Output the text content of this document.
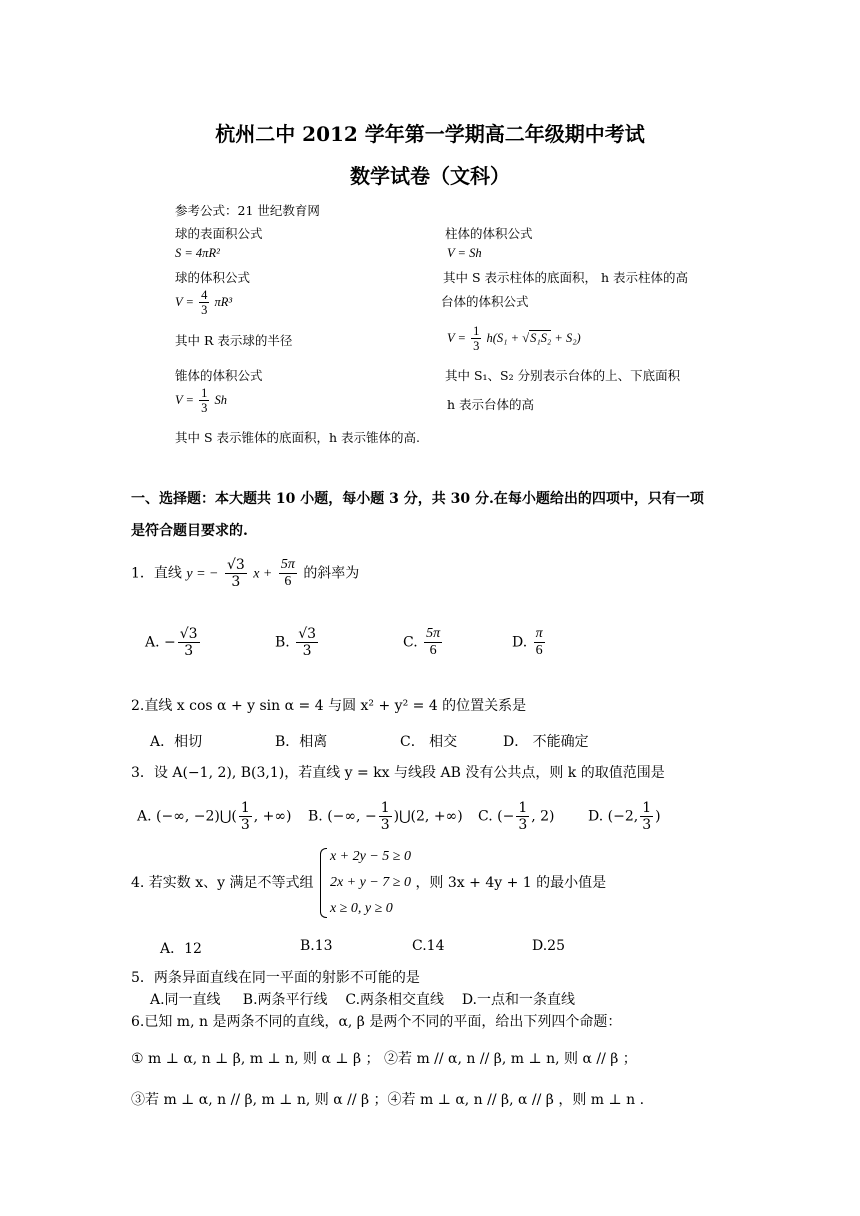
杭州二中 2012 学年第一学期高二年级期中考试
数学试卷（文科）
参考公式：21 世纪教育网
球的表面积公式
S = 4πR²
球的体积公式
$V = \frac{4}{3} \pi R^3$
其中 R 表示球的半径
锥体的体积公式
$V = \frac{1}{3}$ Sh
其中 S 表示锥体的底面积，h 表示锥体的高.
柱体的体积公式
V = Sh
其中 S 表示柱体的底面积， h 表示柱体的高
台体的体积公式
$V = \frac{1}{3} h(S_1 + √S_1S_2 + S_2)$
其中 S₁、S₂ 分别表示台体的上、下底面积
h 表示台体的高
一、选择题：本大题共 10 小题，每小题 3 分，共 30 分.在每小题给出的四项中，只有一项
是符合题目要求的.
1．直线 y = − $\frac{√3}{3}$ $x + \frac{5\pi}{6}$ 的斜率为
A. − $\frac{√3}{3}$	B. $\frac{√3}{3}$	C. $\frac{5\pi}{6}$	D. $\frac{\pi}{6}$
2.直线 x cos α + y sin α = 4 与圆 x² + y² = 4 的位置关系是
A．相切	B．相离	C． 相交	D． 不能确定
3．设 A(−1, 2), B(3,1)，若直线 y = kx 与线段 AB 没有公共点，则 k 的取值范围是
A. (−∞, −2)⋃( $\frac{1}{3}$ , +∞) B. (−∞, − $\frac{1}{3}$ )⋃(2, +∞) C. (− $\frac{1}{3}$ , 2) D. (−2, $\frac{1}{3}$ )
4. 若实数 x、y 满足不等式组
x + 2y − 5 ≥ 0
2x + y − 7 ≥ 0
x ≥ 0, y ≥ 0
，则 3x + 4y + 1 的最小值是
A．12	B.13	C.14	D.25
5．两条异面直线在同一平面的射影不可能的是
A.同一直线     B.两条平行线    C.两条相交直线    D.一点和一条直线
6.已知 m, n 是两条不同的直线，α, β 是两个不同的平面，给出下列四个命题：
① m ⊥ α, n ⊥ β, m ⊥ n, 则 α ⊥ β ； ②若 m // α, n // β, m ⊥ n, 则 α // β ；
③若 m ⊥ α, n // β, m ⊥ n, 则 α // β ；④若 m ⊥ α, n // β, α // β ，则 m ⊥ n .
